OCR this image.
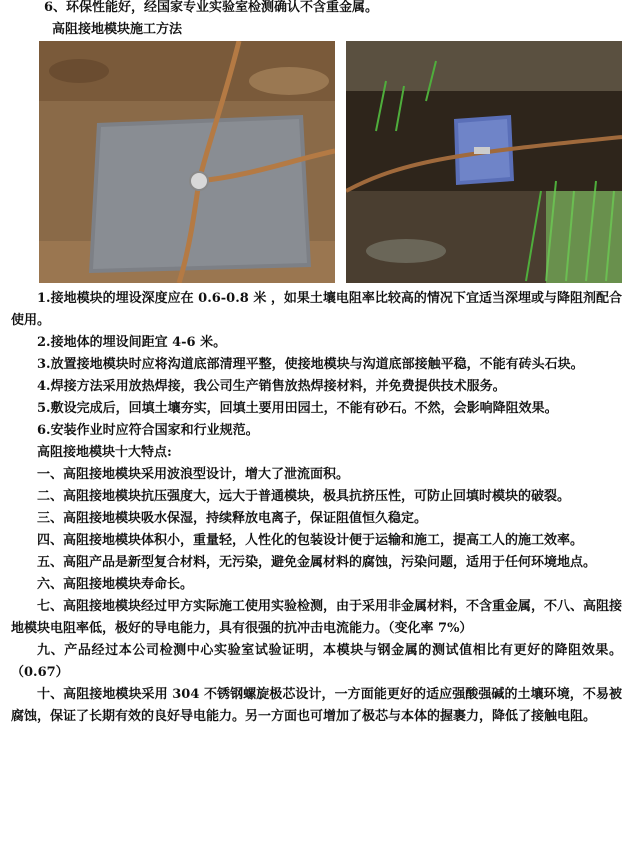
6、环保性能好，经国家专业实验室检测确认不含重金属。
高阻接地模块施工方法
1.接地模块的埋设深度应在 0.6-0.8 米 ，如果土壤电阻率比较高的情况下宜适当深埋或与降阻剂配合使用。
2.接地体的埋设间距宜 4-6 米。
3.放置接地模块时应将沟道底部清理平整，使接地模块与沟道底部接触平稳，不能有砖头石块。
4.焊接方法采用放热焊接，我公司生产销售放热焊接材料，并免费提供技术服务。
5.敷设完成后，回填土壤夯实，回填土要用田园土，不能有砂石。不然，会影响降阻效果。
6.安装作业时应符合国家和行业规范。
高阻接地模块十大特点:
一、高阻接地模块采用波浪型设计，增大了泄流面积。
二、高阻接地模块抗压强度大，远大于普通模块，极具抗挤压性，可防止回填时模块的破裂。
三、高阻接地模块吸水保湿，持续释放电离子，保证阻值恒久稳定。
四、高阻接地模块体积小，重量轻，人性化的包装设计便于运输和施工，提高工人的施工效率。
五、高阻产品是新型复合材料，无污染，避免金属材料的腐蚀，污染问题，适用于任何环境地点。
六、高阻接地模块寿命长。
七、高阻接地模块经过甲方实际施工使用实验检测，由于采用非金属材料，不含重金属，不八、高阻接地模块电阻率低，极好的导电能力，具有很强的抗冲击电流能力。（变化率 7%）
九、产品经过本公司检测中心实验室试验证明，本模块与钢金属的测试值相比有更好的降阻效果。（0.67）
十、高阻接地模块采用 304 不锈钢螺旋极芯设计，一方面能更好的适应强酸强碱的土壤环境，不易被腐蚀，保证了长期有效的良好导电能力。另一方面也可增加了极芯与本体的握裹力，降低了接触电阻。
